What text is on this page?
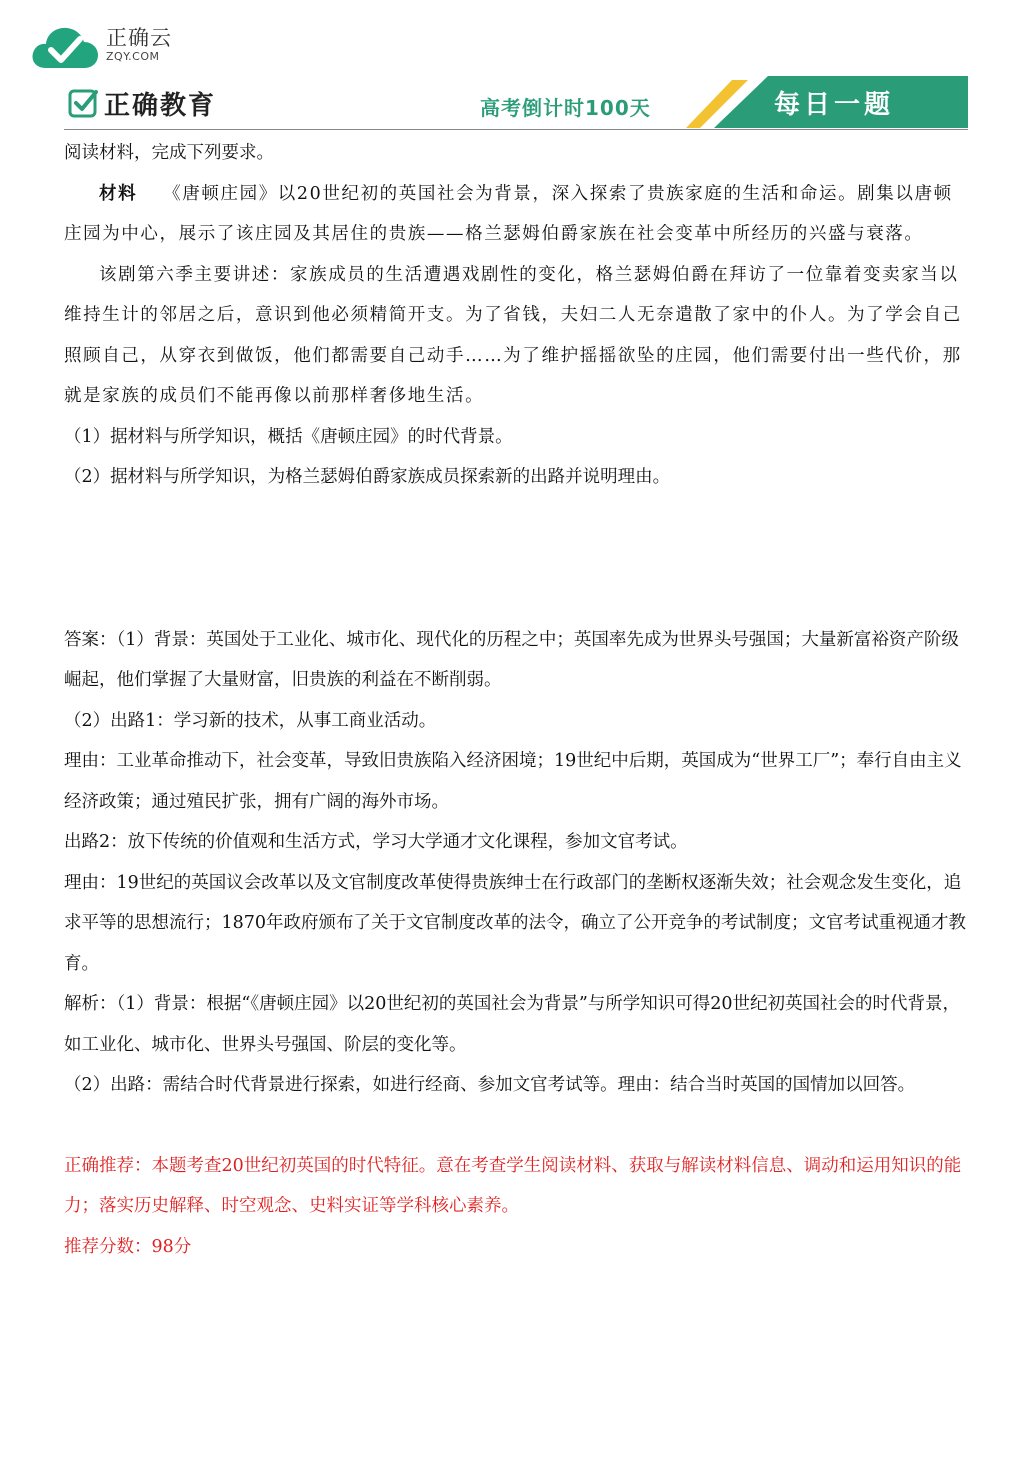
正确云
ZQY.COM
正确教育	高考倒计时100天	每日一题

阅读材料，完成下列要求。

材料 《唐顿庄园》以20世纪初的英国社会为背景，深入探索了贵族家庭的生活和命运。剧集以唐顿庄园为中心，展示了该庄园及其居住的贵族——格兰瑟姆伯爵家族在社会变革中所经历的兴盛与衰落。

该剧第六季主要讲述：家族成员的生活遭遇戏剧性的变化，格兰瑟姆伯爵在拜访了一位靠着变卖家当以维持生计的邻居之后，意识到他必须精简开支。为了省钱，夫妇二人无奈遣散了家中的仆人。为了学会自己照顾自己，从穿衣到做饭，他们都需要自己动手……为了维护摇摇欲坠的庄园，他们需要付出一些代价，那就是家族的成员们不能再像以前那样奢侈地生活。

（1）据材料与所学知识，概括《唐顿庄园》的时代背景。

（2）据材料与所学知识，为格兰瑟姆伯爵家族成员探索新的出路并说明理由。

答案：（1）背景：英国处于工业化、城市化、现代化的历程之中；英国率先成为世界头号强国；大量新富裕资产阶级崛起，他们掌握了大量财富，旧贵族的利益在不断削弱。

（2）出路1：学习新的技术，从事工商业活动。

理由：工业革命推动下，社会变革，导致旧贵族陷入经济困境；19世纪中后期，英国成为“世界工厂”；奉行自由主义经济政策；通过殖民扩张，拥有广阔的海外市场。

出路2：放下传统的价值观和生活方式，学习大学通才文化课程，参加文官考试。

理由：19世纪的英国议会改革以及文官制度改革使得贵族绅士在行政部门的垄断权逐渐失效；社会观念发生变化，追求平等的思想流行；1870年政府颁布了关于文官制度改革的法令，确立了公开竞争的考试制度；文官考试重视通才教育。

解析：（1）背景：根据“《唐顿庄园》以20世纪初的英国社会为背景”与所学知识可得20世纪初英国社会的时代背景，如工业化、城市化、世界头号强国、阶层的变化等。

（2）出路：需结合时代背景进行探索，如进行经商、参加文官考试等。理由：结合当时英国的国情加以回答。

正确推荐：本题考查20世纪初英国的时代特征。意在考查学生阅读材料、获取与解读材料信息、调动和运用知识的能力；落实历史解释、时空观念、史料实证等学科核心素养。

推荐分数：98分
